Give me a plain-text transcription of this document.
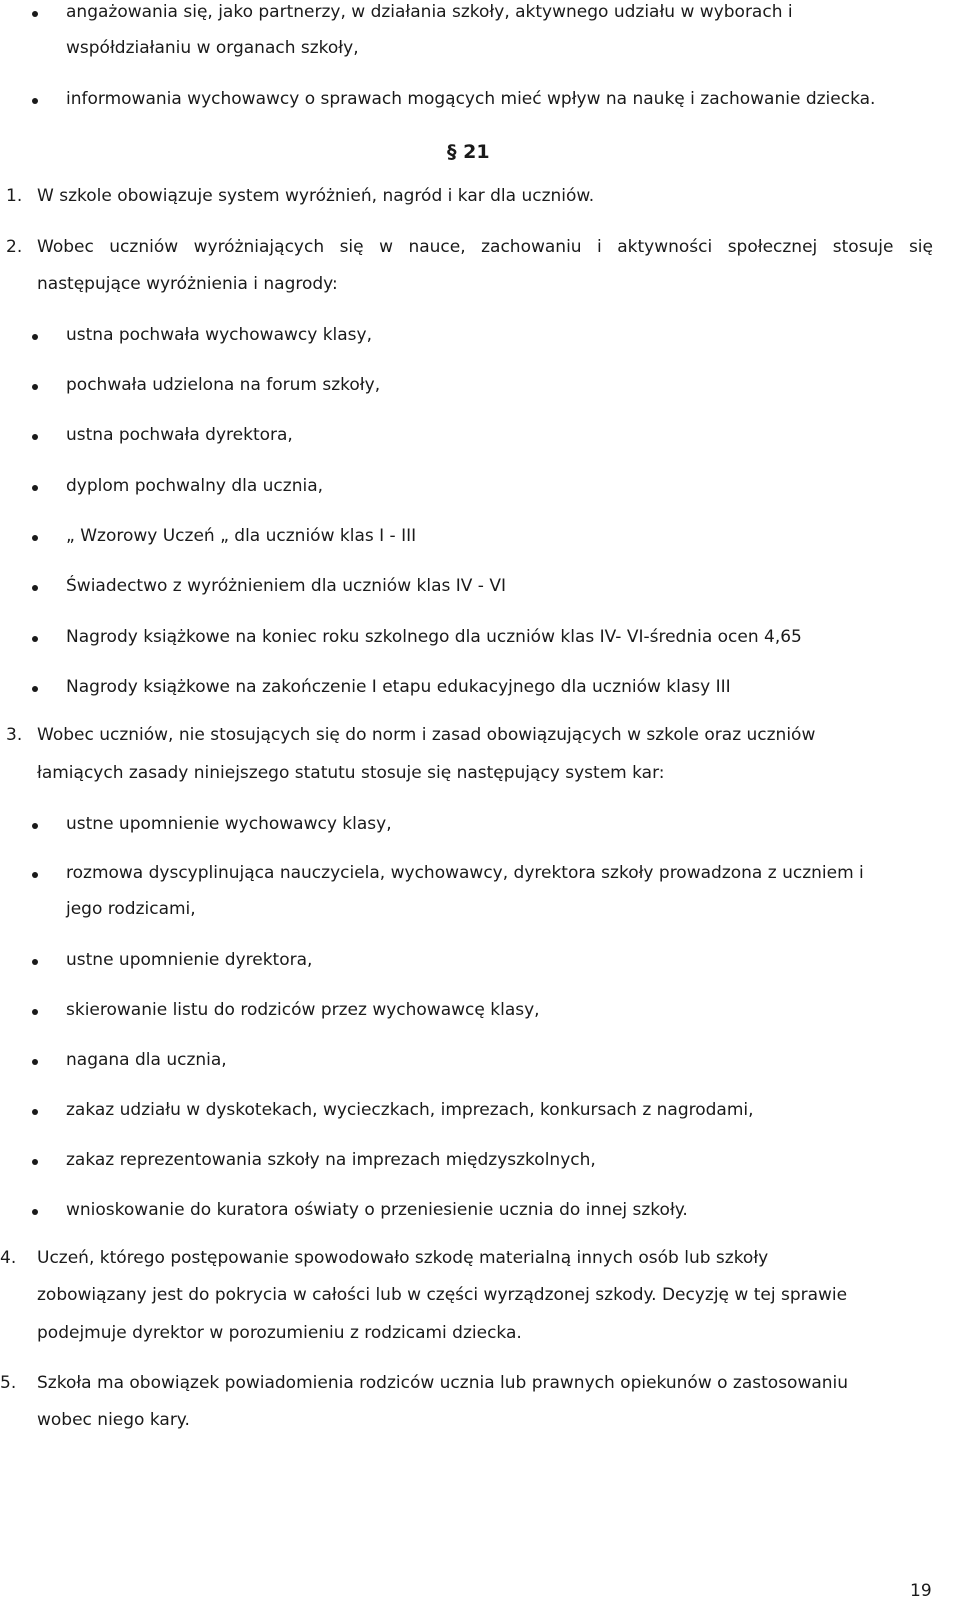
angażowania się, jako partnerzy, w działania szkoły, aktywnego udziału w wyborach i
współdziałaniu w organach szkoły,
informowania wychowawcy o sprawach mogących mieć wpływ na naukę i zachowanie dziecka.
§ 21
1. W szkole obowiązuje system wyróżnień, nagród i kar dla uczniów.
2. Wobec uczniów wyróżniających się w nauce, zachowaniu i aktywności społecznej stosuje się
następujące wyróżnienia i nagrody:
ustna pochwała wychowawcy klasy,
pochwała udzielona na forum szkoły,
ustna pochwała dyrektora,
dyplom pochwalny dla ucznia,
„ Wzorowy Uczeń „ dla uczniów klas I - III
Świadectwo z wyróżnieniem dla uczniów klas IV - VI
Nagrody książkowe na koniec roku szkolnego dla uczniów klas IV- VI-średnia ocen 4,65
Nagrody książkowe na zakończenie I etapu edukacyjnego dla uczniów klasy III
3. Wobec uczniów, nie stosujących się do norm i zasad obowiązujących w szkole oraz uczniów
łamiących zasady niniejszego statutu stosuje się następujący system kar:
ustne upomnienie wychowawcy klasy,
rozmowa dyscyplinująca nauczyciela, wychowawcy, dyrektora szkoły prowadzona z uczniem i
jego rodzicami,
ustne upomnienie dyrektora,
skierowanie listu do rodziców przez wychowawcę klasy,
nagana dla ucznia,
zakaz udziału w dyskotekach, wycieczkach, imprezach, konkursach z nagrodami,
zakaz reprezentowania szkoły na imprezach międzyszkolnych,
wnioskowanie do kuratora oświaty o przeniesienie ucznia do innej szkoły.
4. Uczeń, którego postępowanie spowodowało szkodę materialną innych osób lub szkoły
zobowiązany jest do pokrycia w całości lub w części wyrządzonej szkody. Decyzję w tej sprawie
podejmuje dyrektor w porozumieniu z rodzicami dziecka.
5. Szkoła ma obowiązek powiadomienia rodziców ucznia lub prawnych opiekunów o zastosowaniu
wobec niego kary.
19
